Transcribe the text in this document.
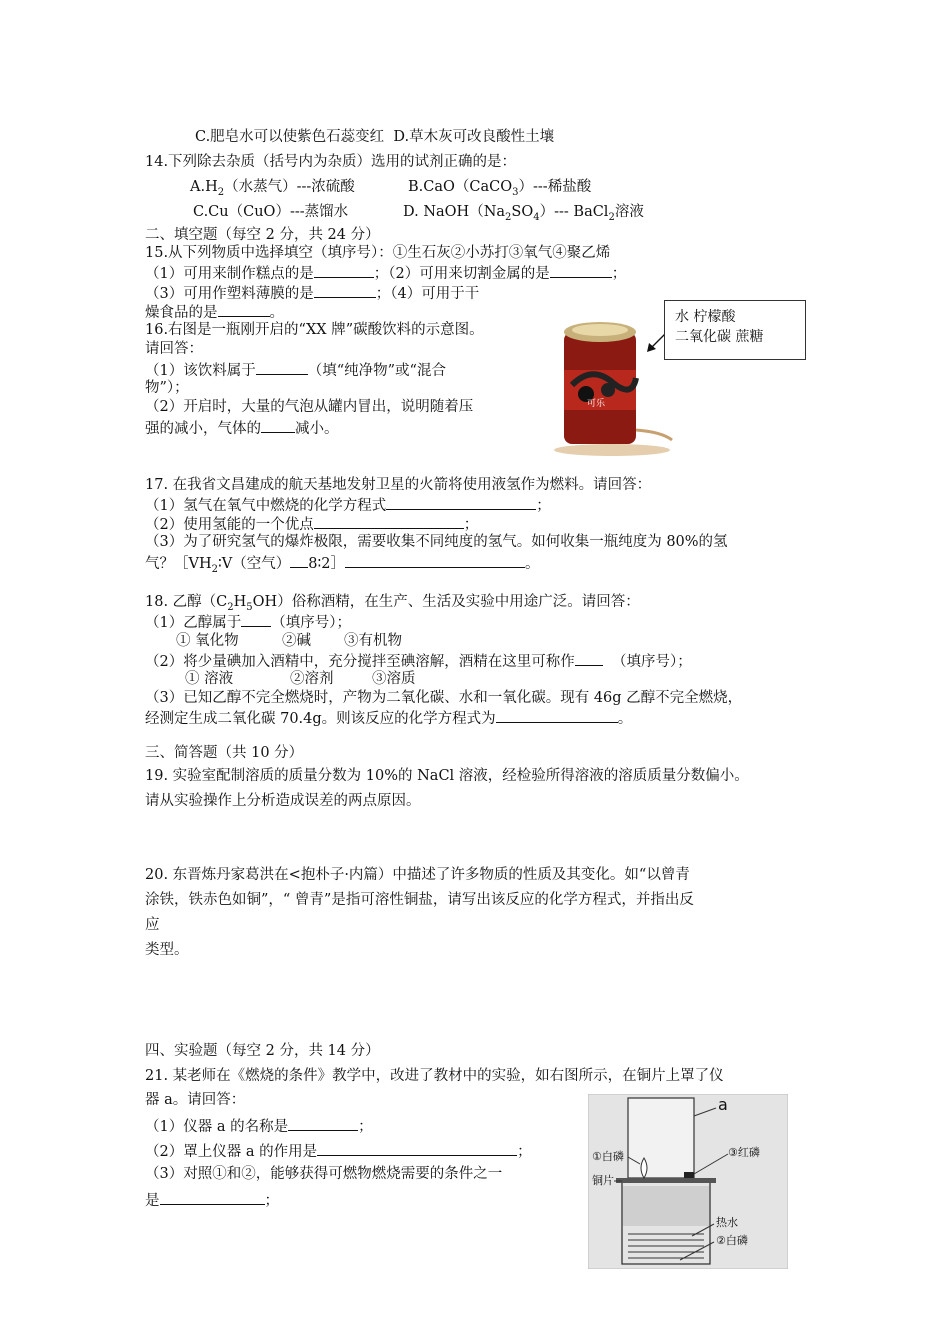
C.肥皂水可以使紫色石蕊变红 D.草木灰可改良酸性土壤
14.下列除去杂质（括号内为杂质）选用的试剂正确的是：
$A.H_2$（水蒸气）---浓硫酸	B.CaO（CaCO$_3$）---稀盐酸
C.Cu（CuO）---蒸馏水	D. $NaOH(Na_2SO_4)---$ BaCl$_2$溶液
二、填空题（每空 2 分，共 24 分）
15.从下列物质中选择填空（填序号）：①生石灰②小苏打③氧气④聚乙烯
（1）可用来制作糕点的是	；（2）可用来切割金属的是	；
（3）可用作塑料薄膜的是	；（4）可用于干
燥食品的是	。
16.右图是一瓶刚开启的“XX 牌”碳酸饮料的示意图。
请回答：
（1）该饮料属于	（填“纯净物”或“混合
物”）；
（2）开启时，大量的气泡从罐内冒出，说明随着压
强的减小，气体的 减小。
可乐
水 柠檬酸
二氧化碳 蔗糖
17. 在我省文昌建成的航天基地发射卫星的火箭将使用液氢作为燃料。请回答：
（1）氢气在氧气中燃烧的化学方程式	；
（2）使用氢能的一个优点	；
（3）为了研究氢气的爆炸极限，需要收集不同纯度的氢气。如何收集一瓶纯度为 80%的氢
气？$[VH_2∶V$（空气） 8∶2］	。
18. 乙醇$(C_2H_5OH)$俗称酒精，在生产、生活及实验中用途广泛。请回答：
（1）乙醇属于 （填序号）；
① 氧化物	②碱 ③有机物
（2）将少量碘加入酒精中，充分搅拌至碘溶解，酒精在这里可称作	（填序号）；
① 溶液	②溶剂	③溶质
（3）已知乙醇不完全燃烧时，产物为二氧化碳、水和一氧化碳。现有 46g 乙醇不完全燃烧，
经测定生成二氧化碳 70.4g。则该反应的化学方程式为	。
三、简答题（共 10 分）
19. 实验室配制溶质的质量分数为 10%的 NaCl 溶液，经检验所得溶液的溶质质量分数偏小。
请从实验操作上分析造成误差的两点原因。
20. 东晋炼丹家葛洪在<抱朴子·内篇）中描述了许多物质的性质及其变化。如“以曾青
涂铁，铁赤色如铜”，“ 曾青”是指可溶性铜盐，请写出该反应的化学方程式，并指出反
应
类型。
四、实验题（每空 2 分，共 14 分）
21. 某老师在《燃烧的条件》教学中，改进了教材中的实验，如右图所示，在铜片上罩了仪
器 a。请回答：
（1）仪器 a 的名称是	；
（2）罩上仪器 a 的作用是	；
（3）对照①和②，能够获得可燃物燃烧需要的条件之一
是	；
a
①白磷	③红磷
铜片
热水
②白磷
